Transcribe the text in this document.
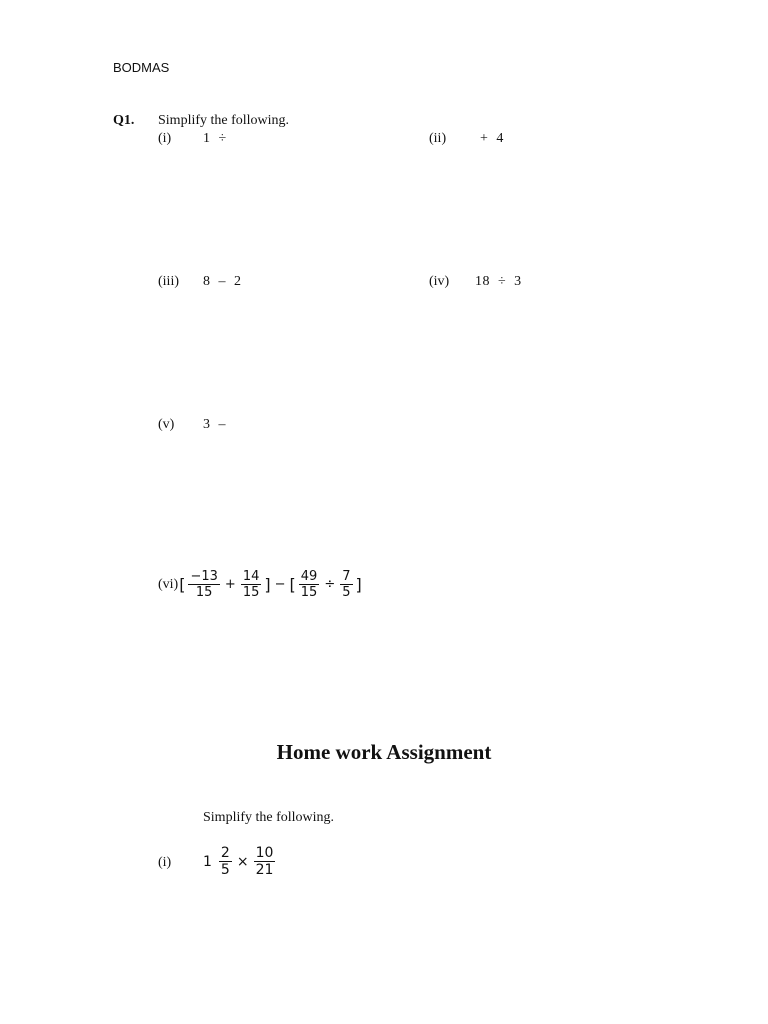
BODMAS
Q1. Simplify the following.
(i) 1 ÷	(ii) + 4
(iii) 8 – 2	(iv) 18 ÷ 3
(v) 3 –
(vi) [ $\frac{-13}{15} + \frac{14}{15}$ ] − [ $\frac{49}{15} \div \frac{7}{5}$ ]
Home work Assignment
Simplify the following.
(i) $1 \frac{2}{5} \times \frac{10}{21}$
